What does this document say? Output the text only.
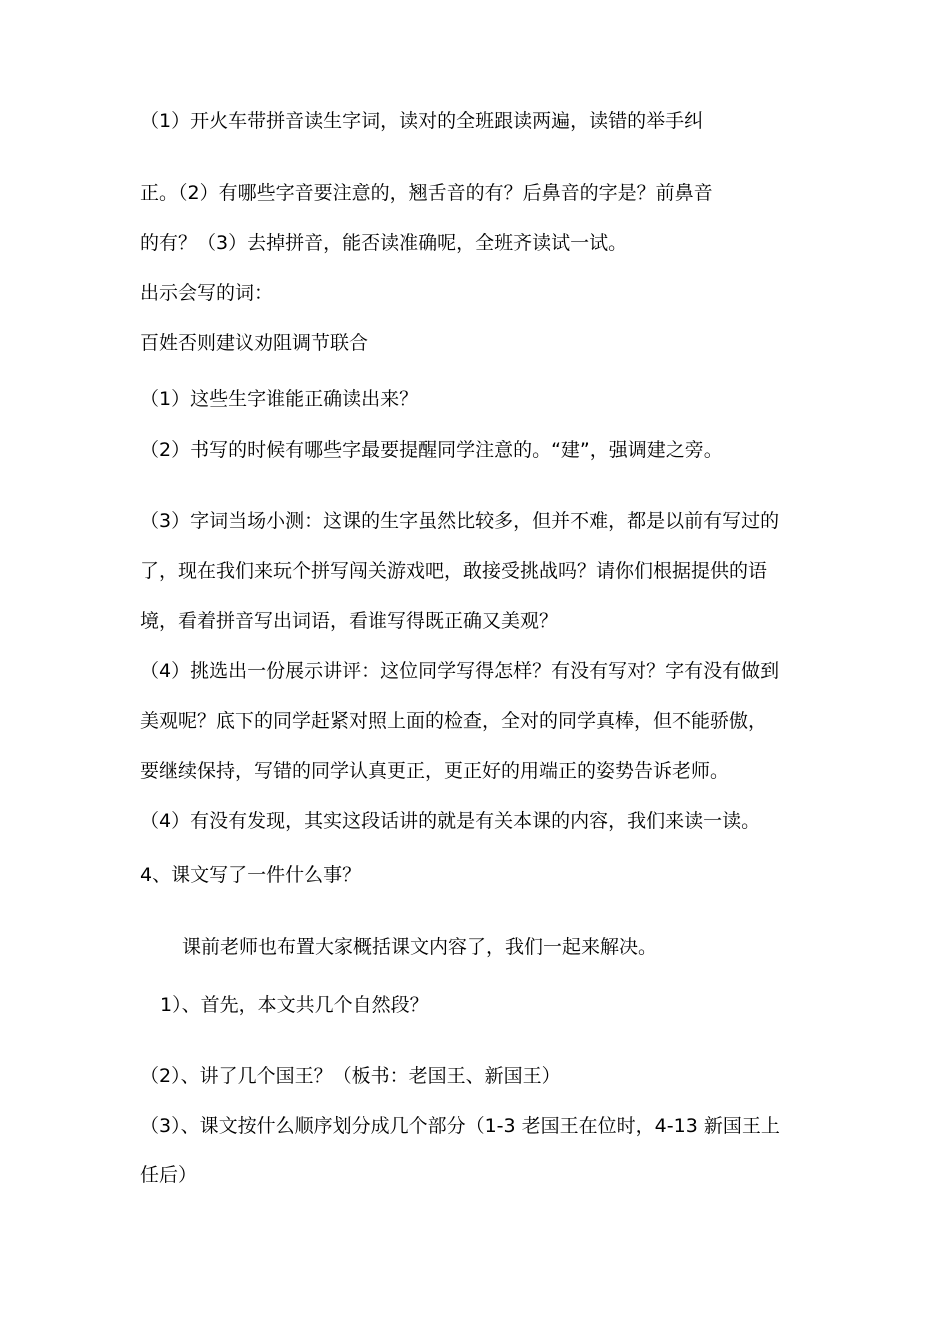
（1）开火车带拼音读生字词，读对的全班跟读两遍，读错的举手纠
正。（2）有哪些字音要注意的，翘舌音的有？后鼻音的字是？前鼻音
的有？（3）去掉拼音，能否读准确呢，全班齐读试一试。
出示会写的词：
百姓否则建议劝阻调节联合
（1）这些生字谁能正确读出来？
（2）书写的时候有哪些字最要提醒同学注意的。“建”，强调建之旁。
（3）字词当场小测：这课的生字虽然比较多，但并不难，都是以前有写过的
了，现在我们来玩个拼写闯关游戏吧，敢接受挑战吗？请你们根据提供的语
境，看着拼音写出词语，看谁写得既正确又美观？
（4）挑选出一份展示讲评：这位同学写得怎样？有没有写对？字有没有做到
美观呢？底下的同学赶紧对照上面的检查，全对的同学真棒，但不能骄傲，
要继续保持，写错的同学认真更正，更正好的用端正的姿势告诉老师。
（4）有没有发现，其实这段话讲的就是有关本课的内容，我们来读一读。
4、课文写了一件什么事？
课前老师也布置大家概括课文内容了，我们一起来解决。
1）、首先，本文共几个自然段？
（2）、讲了几个国王？（板书：老国王、新国王）
（3）、课文按什么顺序划分成几个部分（1-3 老国王在位时，4-13 新国王上
任后）
